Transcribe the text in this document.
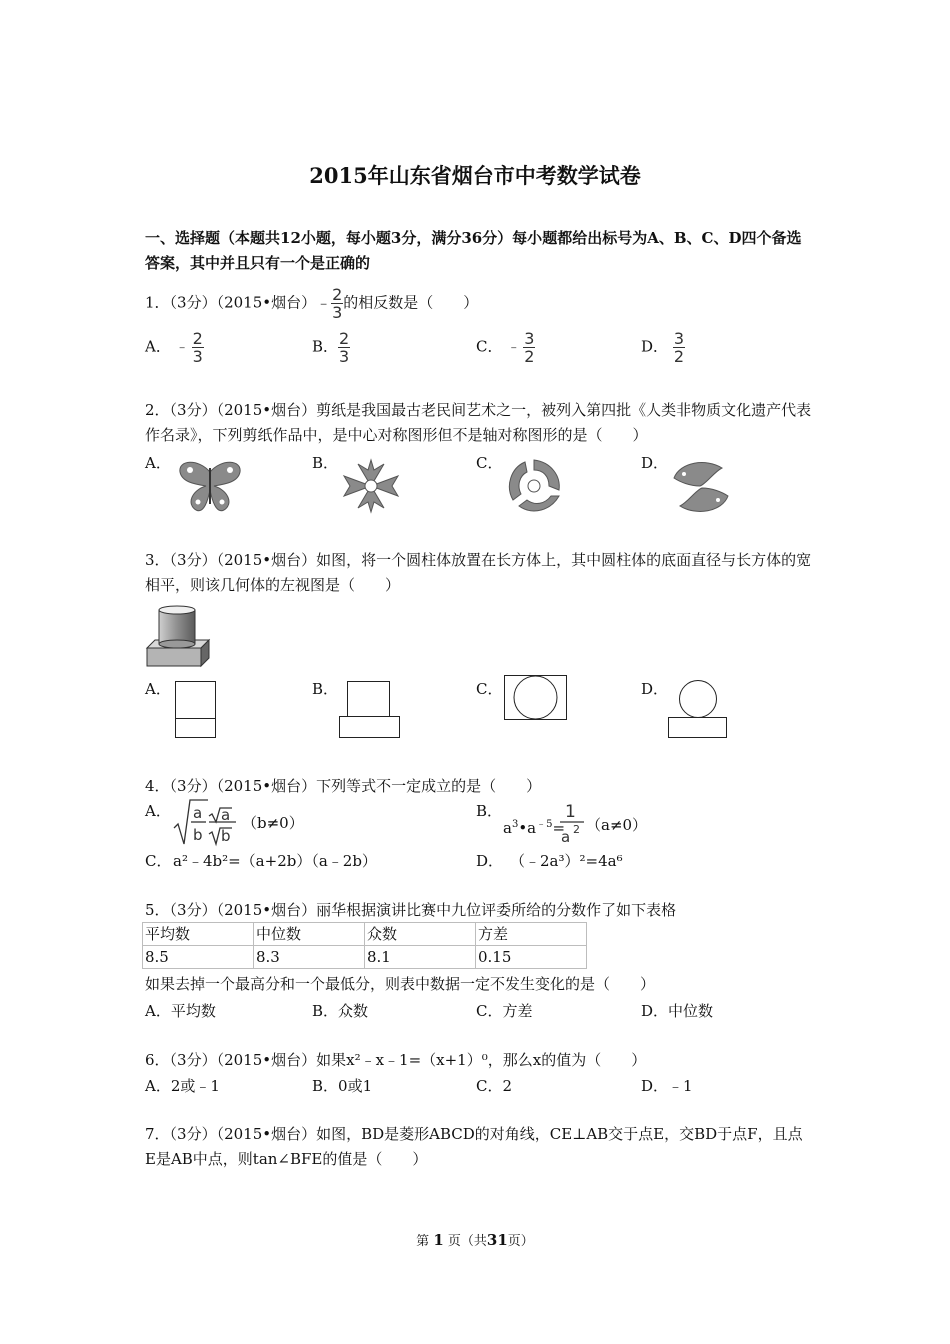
2015年山东省烟台市中考数学试卷
一、选择题（本题共12小题，每小题3分，满分36分）每小题都给出标号为A、B、C、D四个备选答案，其中并且只有一个是正确的
1．（3分）（2015•烟台）﹣ $\frac{2}{3}$ 的相反数是（　　）
A． ﹣ $\frac{2}{3}$	B． $\frac{2}{3}$	C． ﹣ $\frac{3}{2}$	D． $\frac{3}{2}$
2．（3分）（2015•烟台）剪纸是我国最古老民间艺术之一，被列入第四批《人类非物质文化遗产代表作名录》，下列剪纸作品中，是中心对称图形但不是轴对称图形的是（　　）
A．	B．	C．	D．
3．（3分）（2015•烟台）如图，将一个圆柱体放置在长方体上，其中圆柱体的底面直径与长方体的宽相平，则该几何体的左视图是（　　）
A．	B．	C．	D．
4．（3分）（2015•烟台）下列等式不一定成立的是（　　）
A． a
b
a
b
（b≠0）
B．
$a^3•a^{﹣5}=$
1
a 2 （a≠0）
C． a²﹣4b²=（a+2b）（a﹣2b）	D． （﹣2a³）²=4a⁶
5．（3分）（2015•烟台）丽华根据演讲比赛中九位评委所给的分数作了如下表格
平均数	中位数	众数	方差
8.5	8.3	8.1	0.15
如果去掉一个最高分和一个最低分，则表中数据一定不发生变化的是（　　）
A．平均数	B．众数	C．方差	D．中位数
6．（3分）（2015•烟台）如果x²﹣x﹣1=（x+1）⁰，那么x的值为（　　）
A．2或﹣1	B．0或1	C．2	D．﹣1
7．（3分）（2015•烟台）如图，BD是菱形ABCD的对角线，CE⊥AB交于点E，交BD于点F，且点E是AB中点，则tan∠BFE的值是（　　）
第 1 页（共31页）
